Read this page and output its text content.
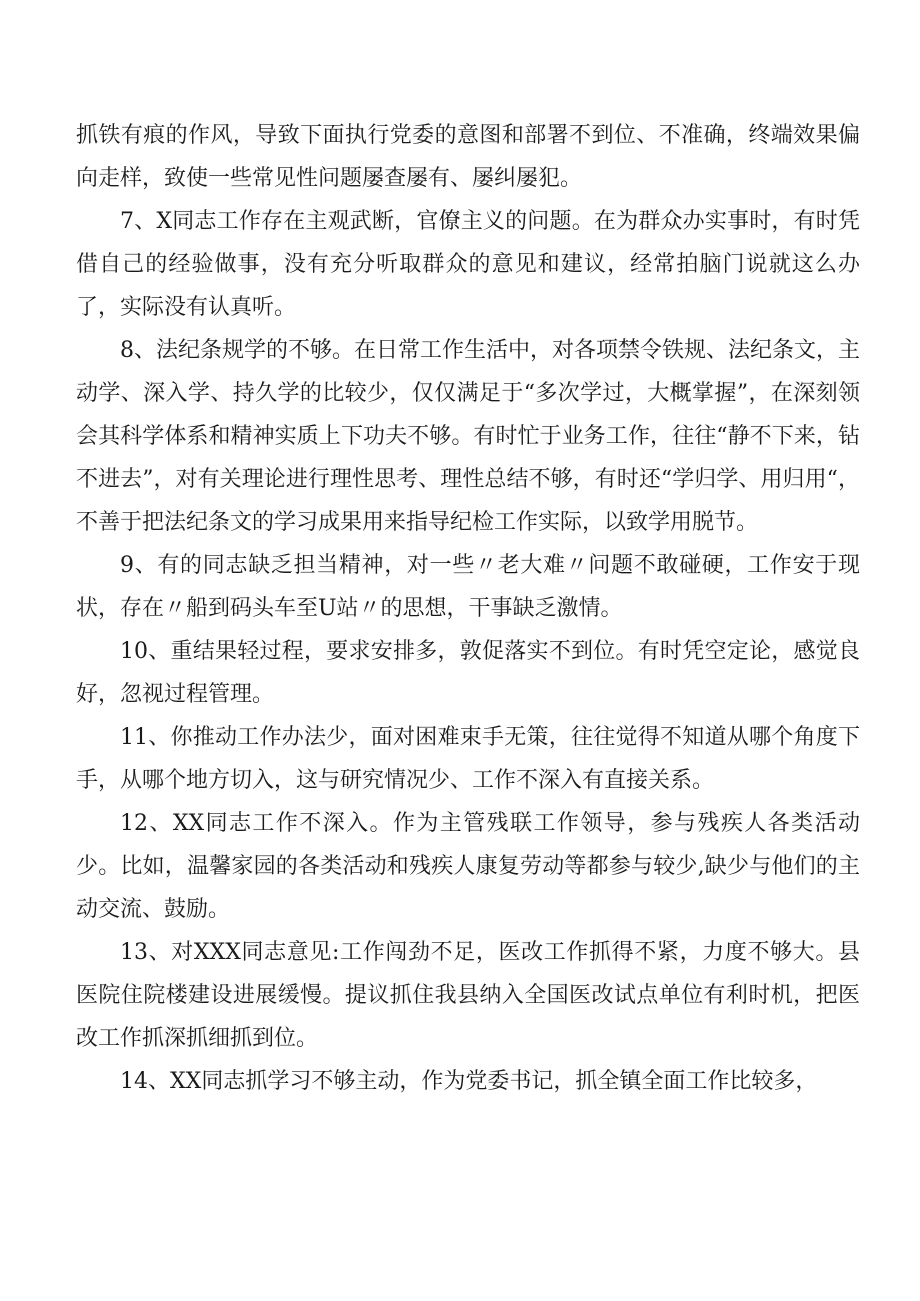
抓铁有痕的作风，导致下面执行党委的意图和部署不到位、不准确，终端效果偏向走样，致使一些常见性问题屡查屡有、屡纠屡犯。

7、X同志工作存在主观武断，官僚主义的问题。在为群众办实事时，有时凭借自己的经验做事，没有充分听取群众的意见和建议，经常拍脑门说就这么办了，实际没有认真听。

8、法纪条规学的不够。在日常工作生活中，对各项禁令铁规、法纪条文，主动学、深入学、持久学的比较少，仅仅满足于“多次学过，大概掌握”，在深刻领会其科学体系和精神实质上下功夫不够。有时忙于业务工作，往往“静不下来，钻不进去”，对有关理论进行理性思考、理性总结不够，有时还“学归学、用归用“，不善于把法纪条文的学习成果用来指导纪检工作实际，以致学用脱节。

9、有的同志缺乏担当精神，对一些〃老大难〃问题不敢碰硬，工作安于现状，存在〃船到码头车至U站〃的思想，干事缺乏激情。

10、重结果轻过程，要求安排多，敦促落实不到位。有时凭空定论，感觉良好，忽视过程管理。

11、你推动工作办法少，面对困难束手无策，往往觉得不知道从哪个角度下手，从哪个地方切入，这与研究情况少、工作不深入有直接关系。

12、XX同志工作不深入。作为主管残联工作领导，参与残疾人各类活动少。比如，温馨家园的各类活动和残疾人康复劳动等都参与较少,缺少与他们的主动交流、鼓励。

13、对XXX同志意见:工作闯劲不足，医改工作抓得不紧，力度不够大。县医院住院楼建设进展缓慢。提议抓住我县纳入全国医改试点单位有利时机，把医改工作抓深抓细抓到位。

14、XX同志抓学习不够主动，作为党委书记，抓全镇全面工作比较多，
